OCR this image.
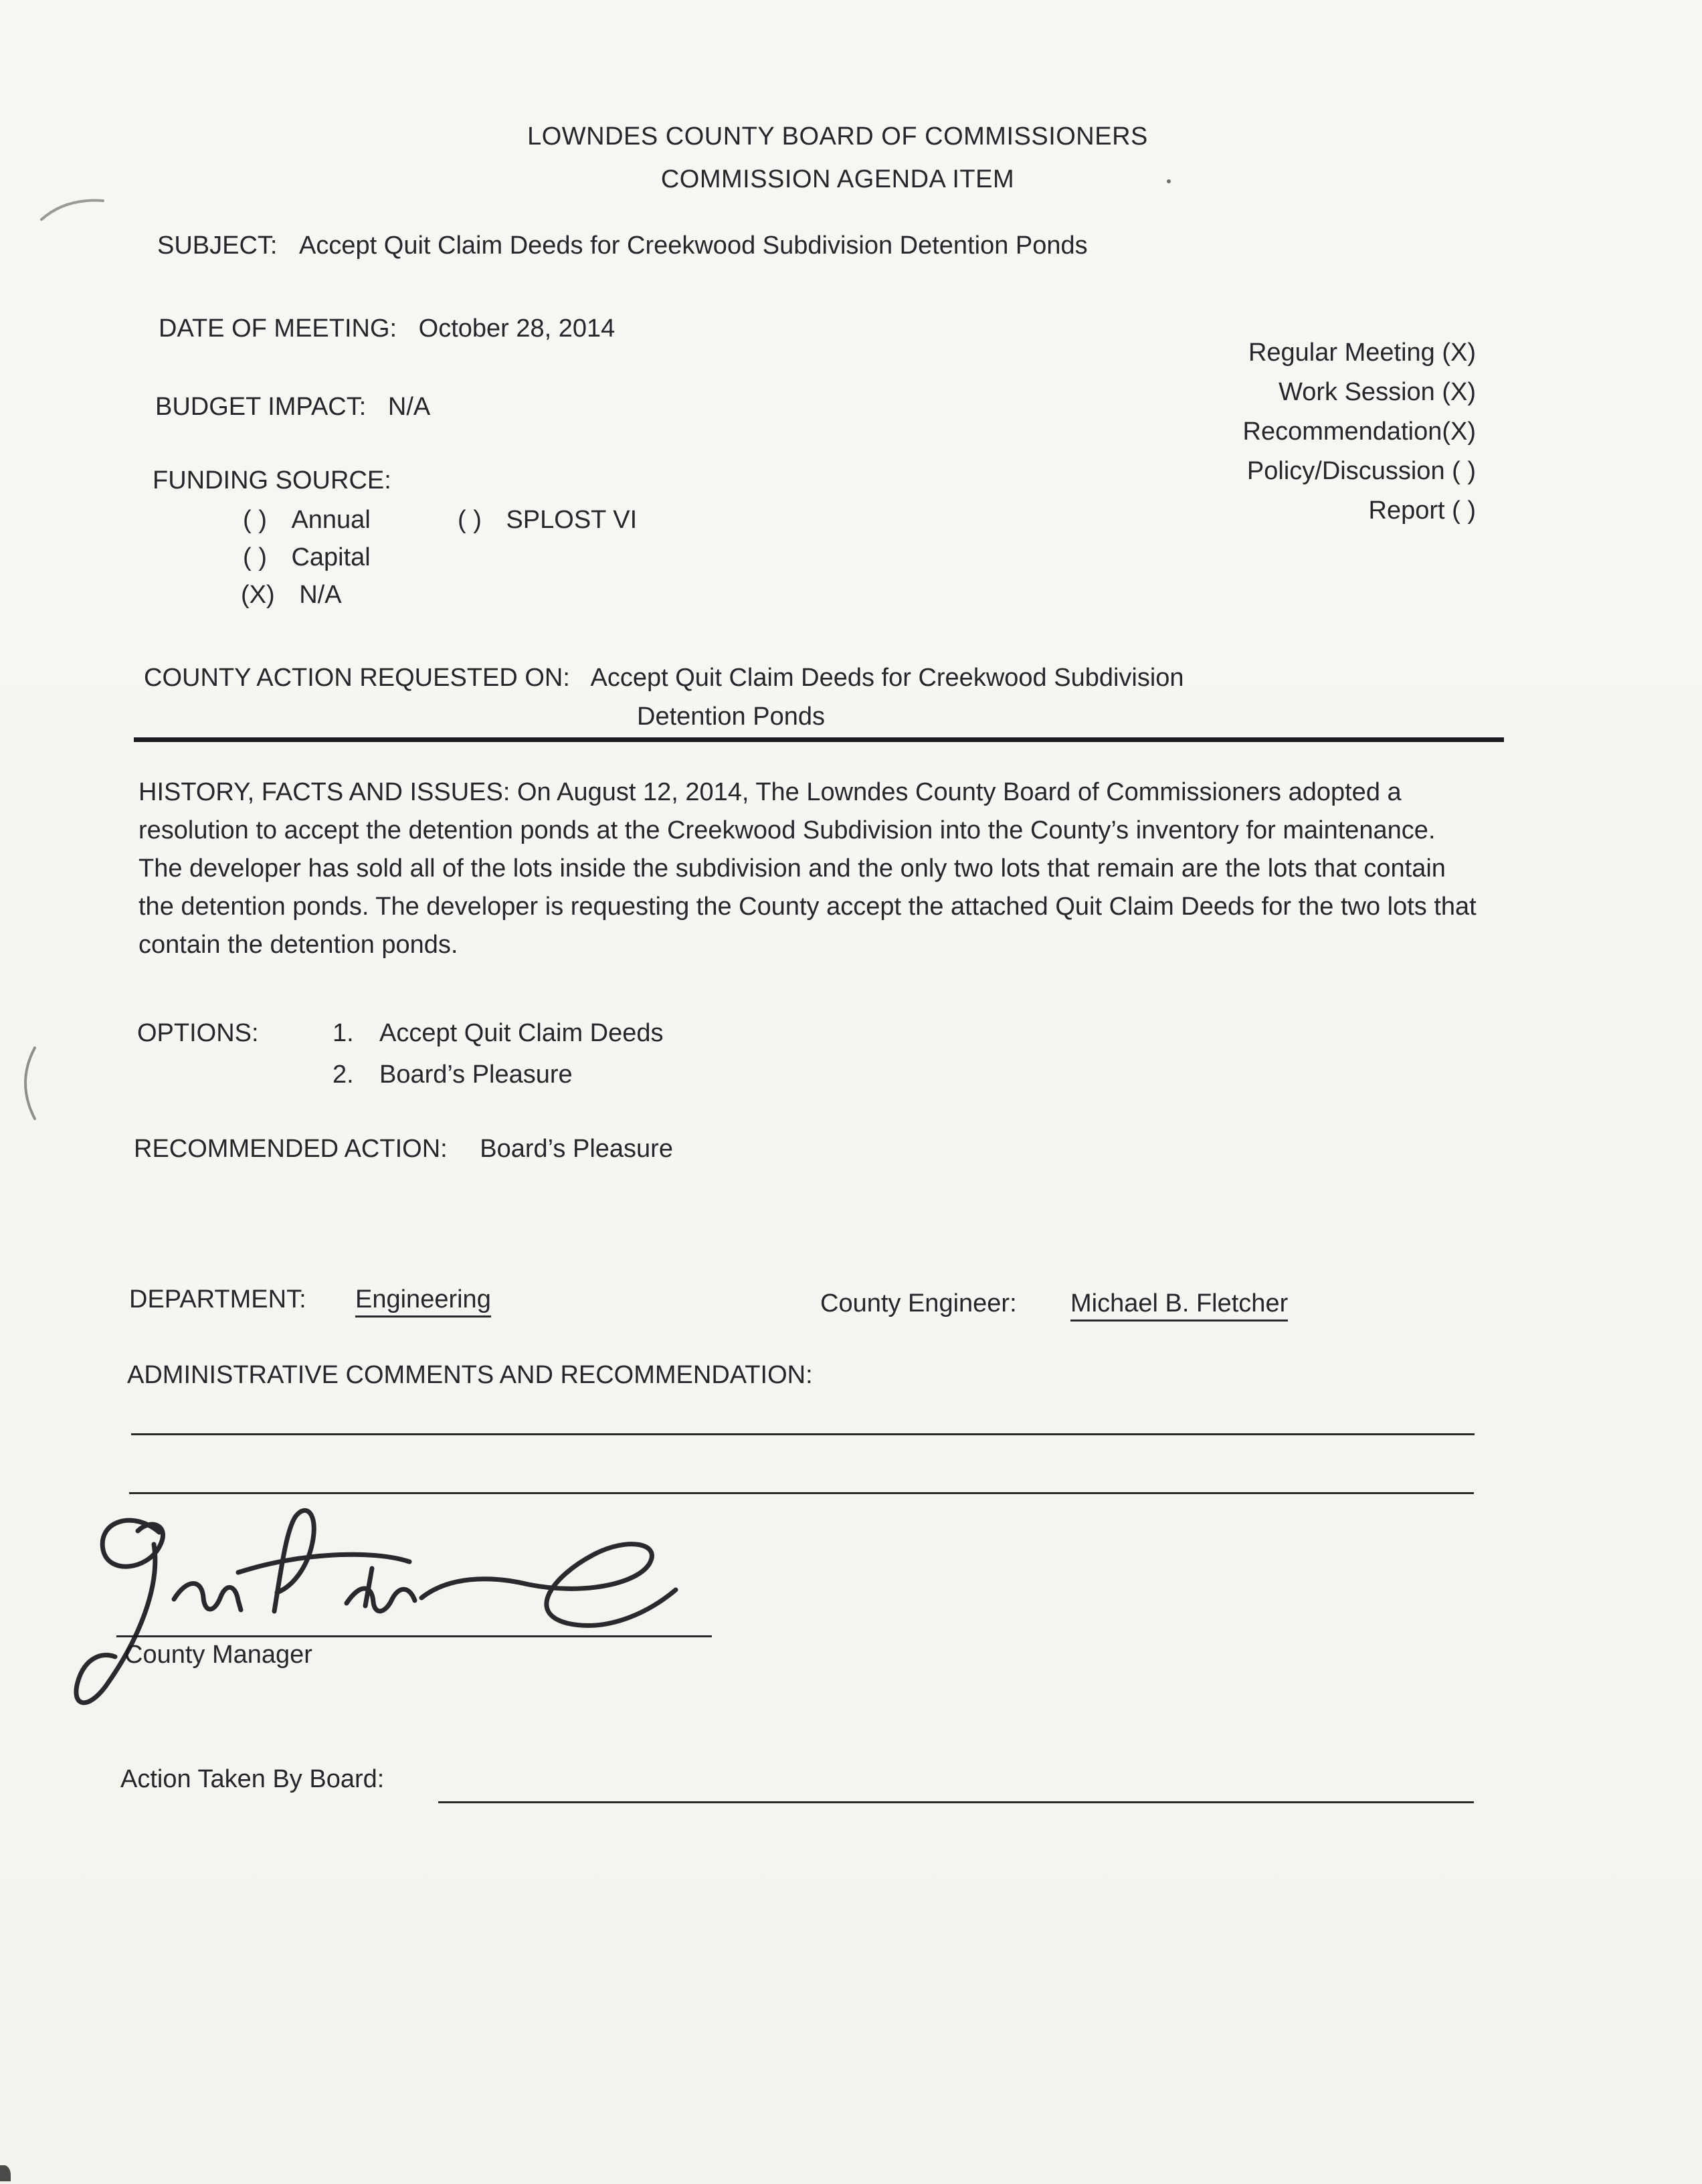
LOWNDES COUNTY BOARD OF COMMISSIONERS
COMMISSION AGENDA ITEM
SUBJECT: Accept Quit Claim Deeds for Creekwood Subdivision Detention Ponds
DATE OF MEETING: October 28, 2014
Regular Meeting (X)
Work Session (X)
Recommendation(X)
Policy/Discussion ( )
Report ( )
BUDGET IMPACT: N/A
FUNDING SOURCE:
( ) Annual	( ) SPLOST VI
( ) Capital
(X) N/A
COUNTY ACTION REQUESTED ON: Accept Quit Claim Deeds for Creekwood Subdivision
Detention Ponds

HISTORY, FACTS AND ISSUES: On August 12, 2014, The Lowndes County Board of Commissioners adopted a resolution to accept the detention ponds at the Creekwood Subdivision into the County’s inventory for maintenance. The developer has sold all of the lots inside the subdivision and the only two lots that remain are the lots that contain the detention ponds. The developer is requesting the County accept the attached Quit Claim Deeds for the two lots that contain the detention ponds.

OPTIONS:	1. Accept Quit Claim Deeds
2. Board’s Pleasure
RECOMMENDED ACTION: Board’s Pleasure
DEPARTMENT: Engineering	County Engineer: Michael B. Fletcher
ADMINISTRATIVE COMMENTS AND RECOMMENDATION:
County Manager
Action Taken By Board:
